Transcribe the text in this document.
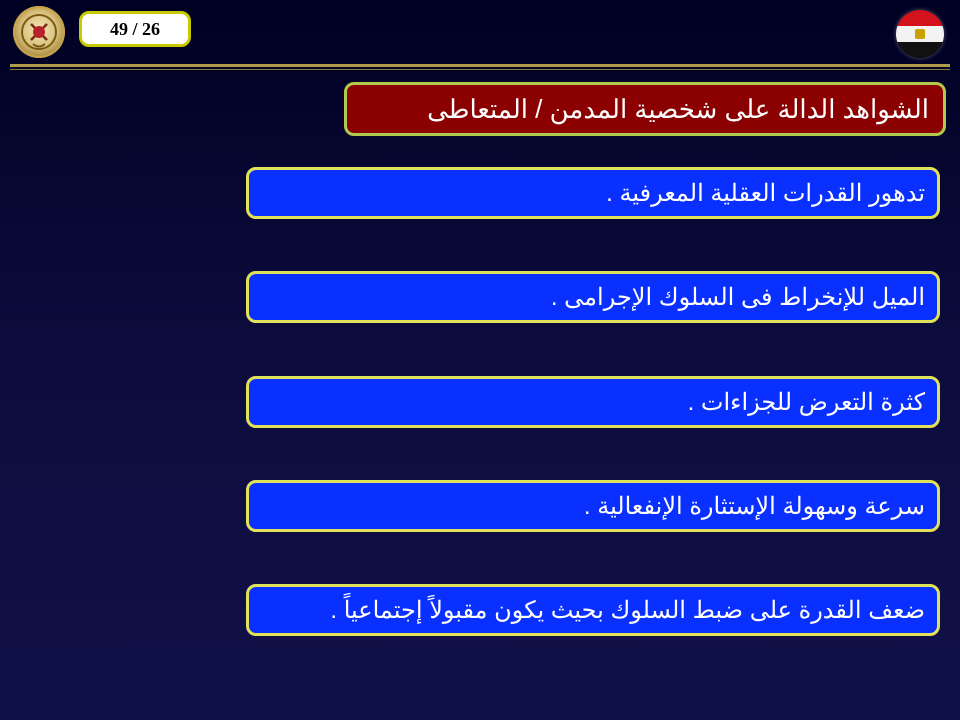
49 / 26
الشواهد الدالة على شخصية المدمن / المتعاطى
تدهور القدرات العقلية المعرفية .
الميل للإنخراط فى السلوك الإجرامى .
كثرة التعرض للجزاءات .
سرعة وسهولة الإستثارة الإنفعالية .
ضعف القدرة على ضبط السلوك بحيث يكون مقبولاً إجتماعياً .
